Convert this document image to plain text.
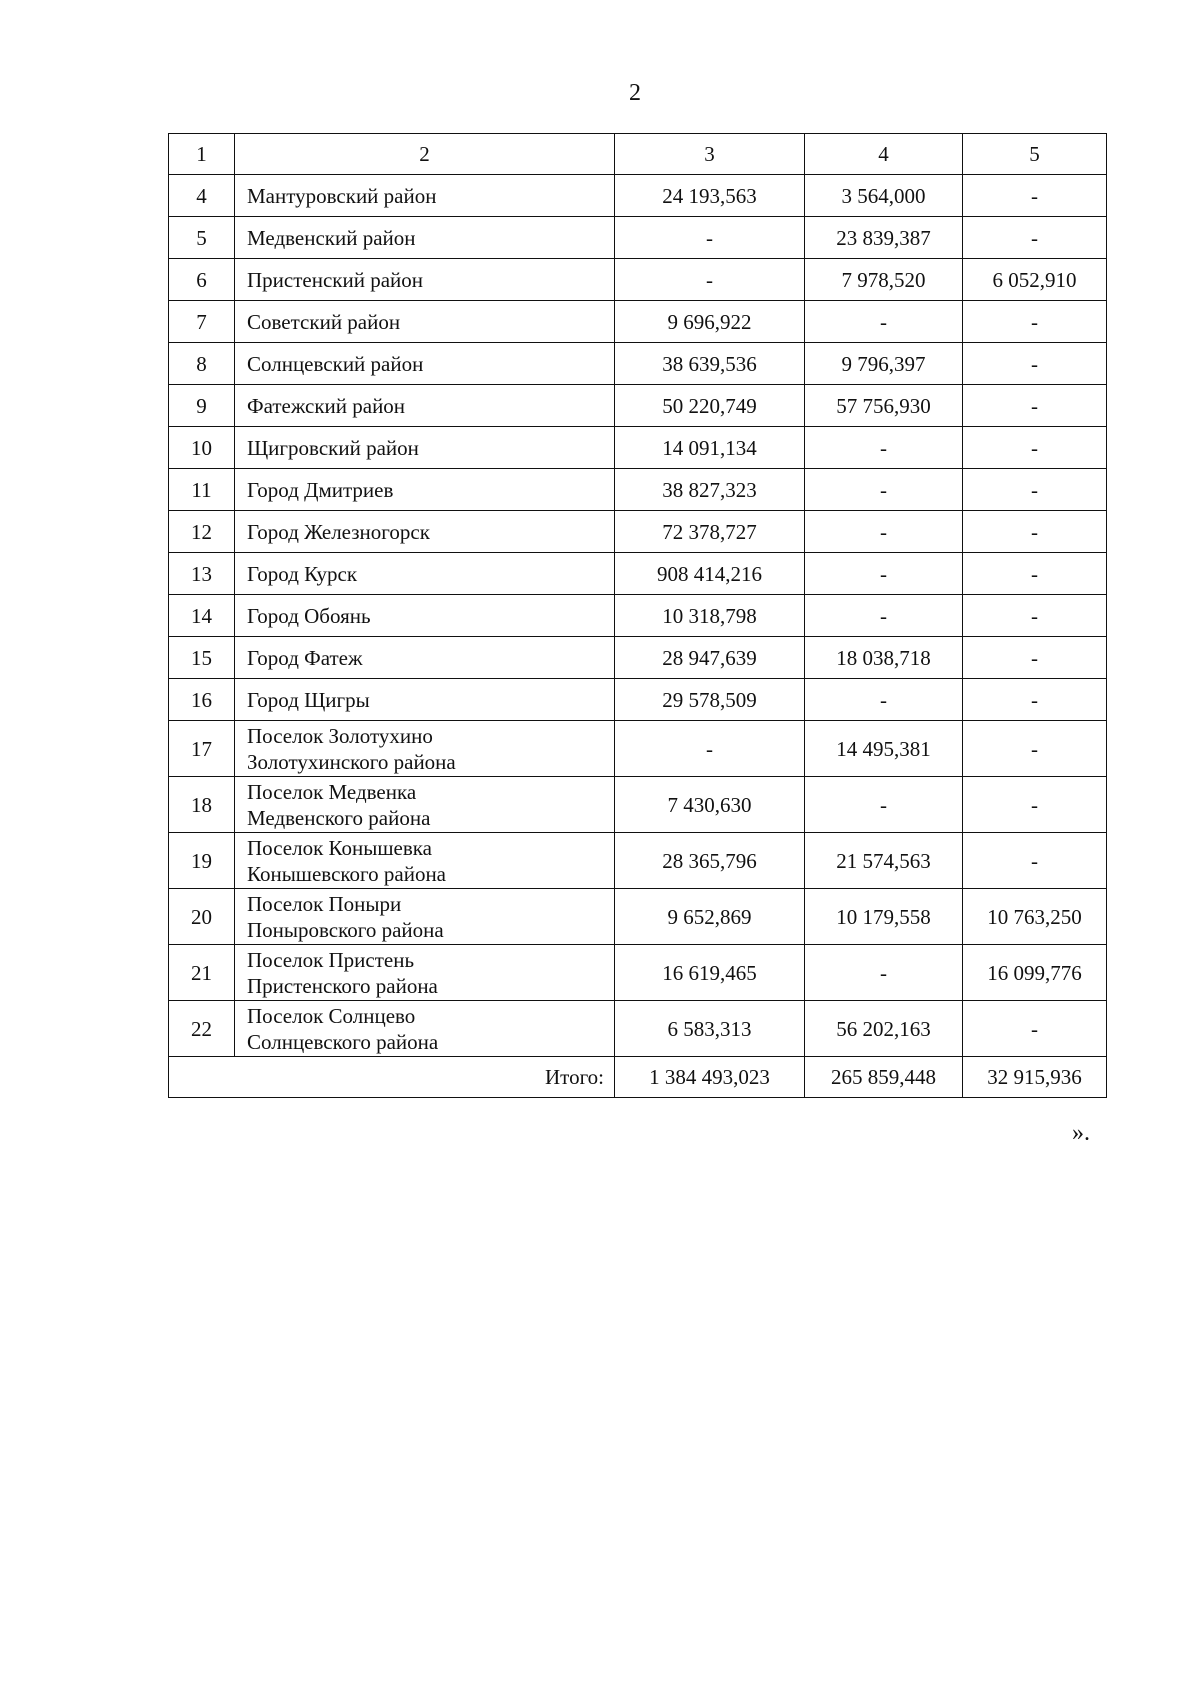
2
1	2	3	4	5
4	Мантуровский район	24 193,563	3 564,000	-
5	Медвенский район	-	23 839,387	-
6	Пристенский район	-	7 978,520	6 052,910
7	Советский район	9 696,922	-	-
8	Солнцевский район	38 639,536	9 796,397	-
9	Фатежский район	50 220,749	57 756,930	-
10	Щигровский район	14 091,134	-	-
11	Город Дмитриев	38 827,323	-	-
12	Город Железногорск	72 378,727	-	-
13	Город Курск	908 414,216	-	-
14	Город Обоянь	10 318,798	-	-
15	Город Фатеж	28 947,639	18 038,718	-
16	Город Щигры	29 578,509	-	-
17	Поселок Золотухино
Золотухинского района	-	14 495,381	-
18	Поселок Медвенка
Медвенского района	7 430,630	-	-
19	Поселок Конышевка
Конышевского района	28 365,796	21 574,563	-
20	Поселок Поныри
Поныровского района	9 652,869	10 179,558	10 763,250
21	Поселок Пристень
Пристенского района	16 619,465	-	16 099,776
22	Поселок Солнцево
Солнцевского района	6 583,313	56 202,163	-
Итого:		1 384 493,023	265 859,448	32 915,936
».
